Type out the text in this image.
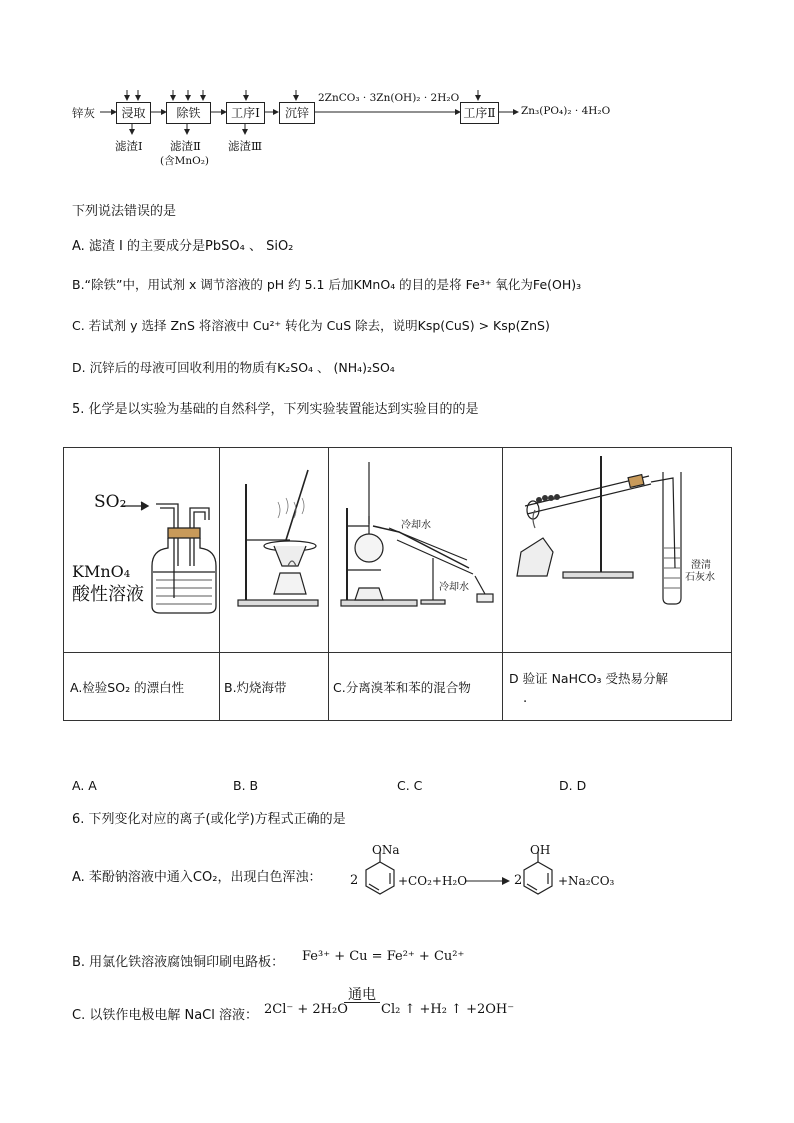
锌灰	浸取	除铁	工序Ⅰ	沉锌	工序Ⅱ
2ZnCO₃ · 3Zn(OH)₂ · 2H₂O
Zn₃(PO₄)₂ · 4H₂O
滤渣Ⅰ 滤渣Ⅱ
(含MnO₂)
滤渣Ⅲ
下列说法错误的是
A. 滤渣 I 的主要成分是PbSO₄ 、 SiO₂
B.“除铁”中，用试剂 x 调节溶液的 pH 约 5.1 后加KMnO₄ 的目的是将 Fe³⁺ 氧化为Fe(OH)₃
C. 若试剂 y 选择 ZnS 将溶液中 Cu²⁺ 转化为 CuS 除去，说明Ksp(CuS) > Ksp(ZnS)
D. 沉锌后的母液可回收利用的物质有K₂SO₄ 、 (NH₄)₂SO₄
5. 化学是以实验为基础的自然科学，下列实验装置能达到实验目的的是
SO₂
KMnO₄
酸性溶液		冷却水
冷却水	澄清
石灰水

A.检验SO₂ 的漂白性	B.灼烧海带	C.分离溴苯和苯的混合物	D 验证 NaHCO₃ 受热易分解
.
A. A	B. B	C. C	D. D
6. 下列变化对应的离子(或化学)方程式正确的是
A. 苯酚钠溶液中通入CO₂，出现白色浑浊： 2
ONa
+CO₂+H₂O	2
OH
+Na₂CO₃
B. 用氯化铁溶液腐蚀铜印刷电路板： Fe³⁺ + Cu = Fe²⁺ + Cu²⁺
C. 以铁作电极电解 NaCl 溶液： 2Cl⁻ + 2H₂O
通电
Cl₂ ↑ +H₂ ↑ +2OH⁻
